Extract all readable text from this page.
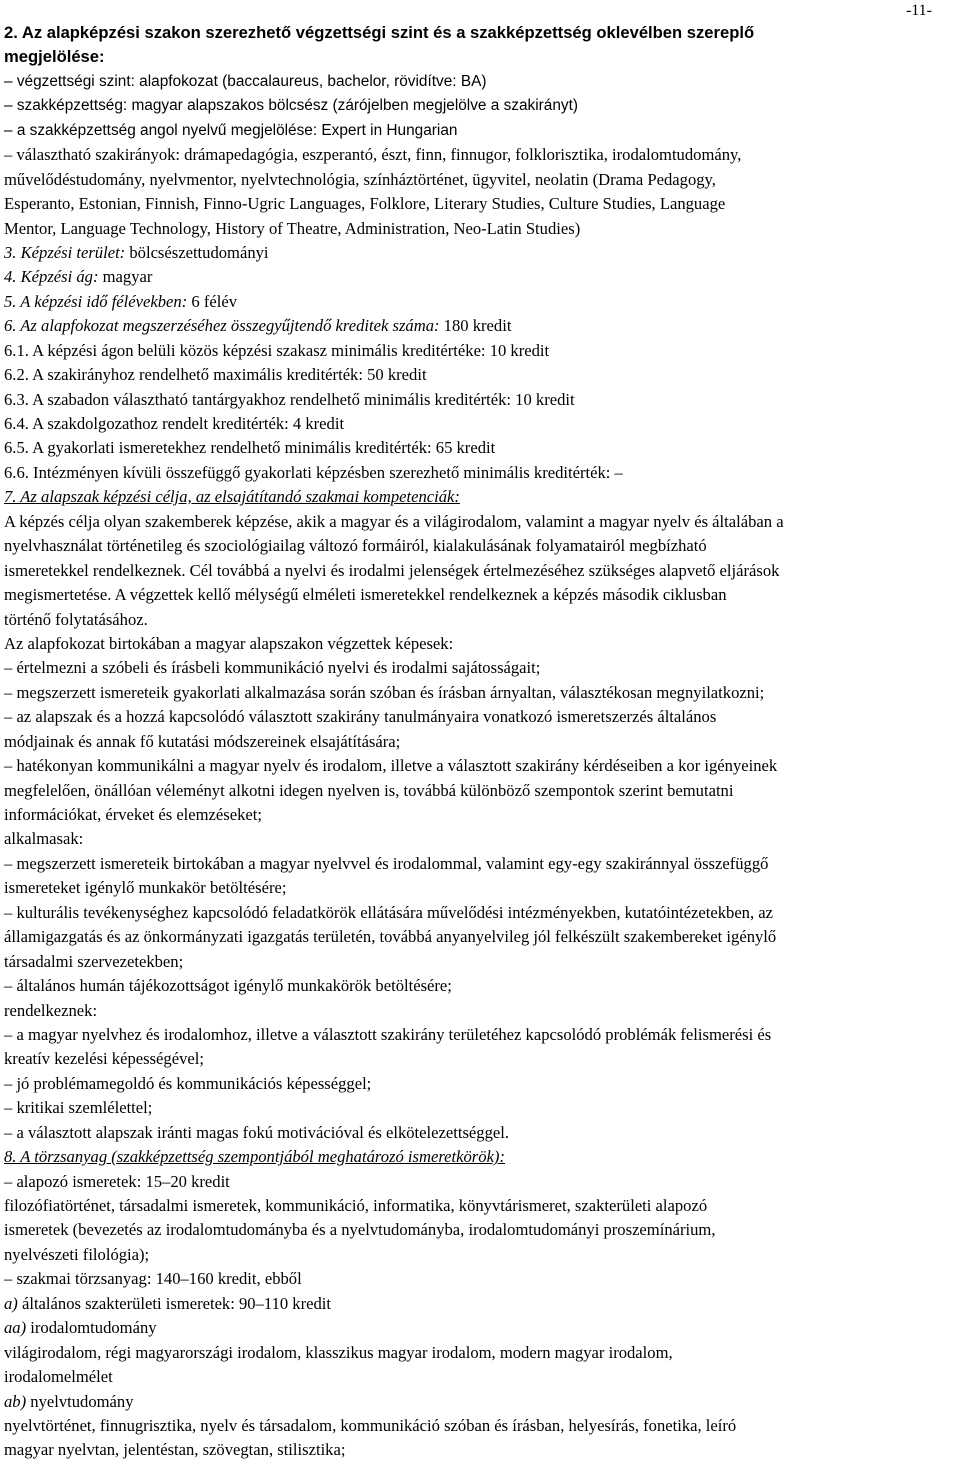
-11-
2. Az alapképzési szakon szerezhető végzettségi szint és a szakképzettség oklevélben szereplő
megjelölése:
– végzettségi szint: alapfokozat (baccalaureus, bachelor, rövidítve: BA)
– szakképzettség: magyar alapszakos bölcsész (zárójelben megjelölve a szakirányt)
– a szakképzettség angol nyelvű megjelölése: Expert in Hungarian
– választható szakirányok: drámapedagógia, eszperantó, észt, finn, finnugor, folklorisztika, irodalomtudomány,
művelődéstudomány, nyelvmentor, nyelvtechnológia, színháztörténet, ügyvitel, neolatin (Drama Pedagogy,
Esperanto, Estonian, Finnish, Finno-Ugric Languages, Folklore, Literary Studies, Culture Studies, Language
Mentor, Language Technology, History of Theatre, Administration, Neo-Latin Studies)
3. Képzési terület: bölcsészettudományi
4. Képzési ág: magyar
5. A képzési idő félévekben: 6 félév
6. Az alapfokozat megszerzéséhez összegyűjtendő kreditek száma: 180 kredit
6.1. A képzési ágon belüli közös képzési szakasz minimális kreditértéke: 10 kredit
6.2. A szakirányhoz rendelhető maximális kreditérték: 50 kredit
6.3. A szabadon választható tantárgyakhoz rendelhető minimális kreditérték: 10 kredit
6.4. A szakdolgozathoz rendelt kreditérték: 4 kredit
6.5. A gyakorlati ismeretekhez rendelhető minimális kreditérték: 65 kredit
6.6. Intézményen kívüli összefüggő gyakorlati képzésben szerezhető minimális kreditérték: –
7. Az alapszak képzési célja, az elsajátítandó szakmai kompetenciák:
A képzés célja olyan szakemberek képzése, akik a magyar és a világirodalom, valamint a magyar nyelv és általában a
nyelvhasználat történetileg és szociológiailag változó formáiról, kialakulásának folyamatairól megbízható
ismeretekkel rendelkeznek. Cél továbbá a nyelvi és irodalmi jelenségek értelmezéséhez szükséges alapvető eljárások
megismertetése. A végzettek kellő mélységű elméleti ismeretekkel rendelkeznek a képzés második ciklusban
történő folytatásához.
Az alapfokozat birtokában a magyar alapszakon végzettek képesek:
– értelmezni a szóbeli és írásbeli kommunikáció nyelvi és irodalmi sajátosságait;
– megszerzett ismereteik gyakorlati alkalmazása során szóban és írásban árnyaltan, választékosan megnyilatkozni;
– az alapszak és a hozzá kapcsolódó választott szakirány tanulmányaira vonatkozó ismeretszerzés általános
módjainak és annak fő kutatási módszereinek elsajátítására;
– hatékonyan kommunikálni a magyar nyelv és irodalom, illetve a választott szakirány kérdéseiben a kor igényeinek
megfelelően, önállóan véleményt alkotni idegen nyelven is, továbbá különböző szempontok szerint bemutatni
információkat, érveket és elemzéseket;
alkalmasak:
– megszerzett ismereteik birtokában a magyar nyelvvel és irodalommal, valamint egy-egy szakiránnyal összefüggő
ismereteket igénylő munkakör betöltésére;
– kulturális tevékenységhez kapcsolódó feladatkörök ellátására művelődési intézményekben, kutatóintézetekben, az
államigazgatás és az önkormányzati igazgatás területén, továbbá anyanyelvileg jól felkészült szakembereket igénylő
társadalmi szervezetekben;
– általános humán tájékozottságot igénylő munkakörök betöltésére;
rendelkeznek:
– a magyar nyelvhez és irodalomhoz, illetve a választott szakirány területéhez kapcsolódó problémák felismerési és
kreatív kezelési képességével;
– jó problémamegoldó és kommunikációs képességgel;
– kritikai szemlélettel;
– a választott alapszak iránti magas fokú motivációval és elkötelezettséggel.
8. A törzsanyag (szakképzettség szempontjából meghatározó ismeretkörök):
– alapozó ismeretek: 15–20 kredit
filozófiatörténet, társadalmi ismeretek, kommunikáció, informatika, könyvtárismeret, szakterületi alapozó
ismeretek (bevezetés az irodalomtudományba és a nyelvtudományba, irodalomtudományi proszemínárium,
nyelvészeti filológia);
– szakmai törzsanyag: 140–160 kredit, ebből
a) általános szakterületi ismeretek: 90–110 kredit
aa) irodalomtudomány
világirodalom, régi magyarországi irodalom, klasszikus magyar irodalom, modern magyar irodalom,
irodalomelmélet
ab) nyelvtudomány
nyelvtörténet, finnugrisztika, nyelv és társadalom, kommunikáció szóban és írásban, helyesírás, fonetika, leíró
magyar nyelvtan, jelentéstan, szövegtan, stilisztika;
